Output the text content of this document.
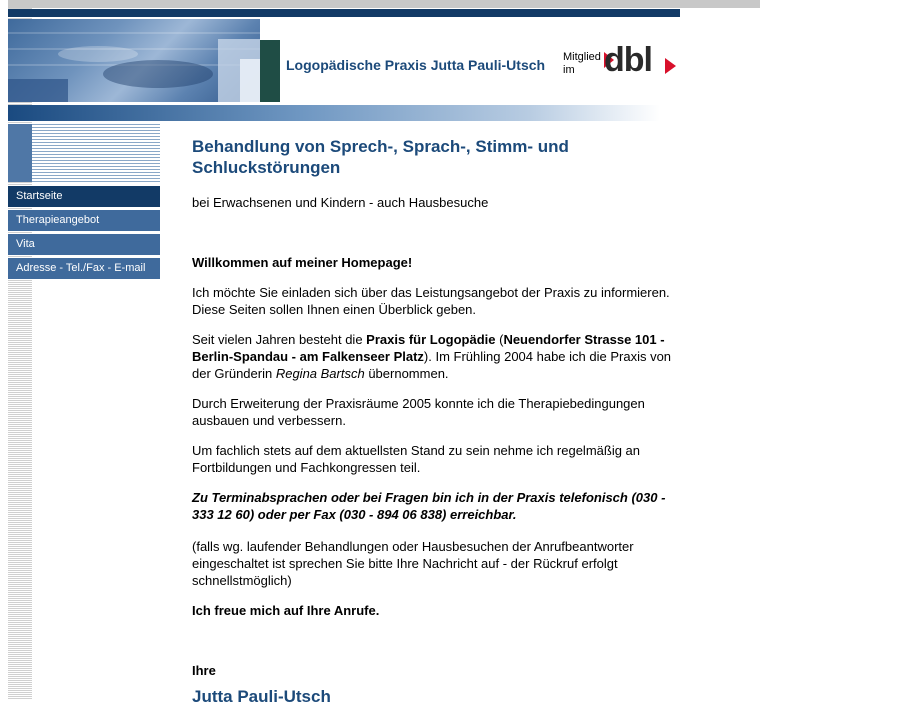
Logopädische Praxis Jutta Pauli-Utsch Mitglied
im dbl
Startseite
Therapieangebot
Vita
Adresse - Tel./Fax - E-mail
Behandlung von Sprech-, Sprach-, Stimm- und Schluckstörungen

bei Erwachsenen und Kindern - auch Hausbesuche

Willkommen auf meiner Homepage!

Ich möchte Sie einladen sich über das Leistungsangebot der Praxis zu informieren. Diese Seiten sollen Ihnen einen Überblick geben.

Seit vielen Jahren besteht die Praxis für Logopädie (Neuendorfer Strasse 101 - Berlin-Spandau - am Falkenseer Platz). Im Frühling 2004 habe ich die Praxis von der Gründerin Regina Bartsch übernommen.

Durch Erweiterung der Praxisräume 2005 konnte ich die Therapiebedingungen ausbauen und verbessern.

Um fachlich stets auf dem aktuellsten Stand zu sein nehme ich regelmäßig an Fortbildungen und Fachkongressen teil.

Zu Terminabsprachen oder bei Fragen bin ich in der Praxis telefonisch (030 - 333 12 60) oder per Fax (030 - 894 06 838) erreichbar.

(falls wg. laufender Behandlungen oder Hausbesuchen der Anrufbeantworter eingeschaltet ist sprechen Sie bitte Ihre Nachricht auf - der Rückruf erfolgt schnellstmöglich)

Ich freue mich auf Ihre Anrufe.

Ihre

Jutta Pauli-Utsch
